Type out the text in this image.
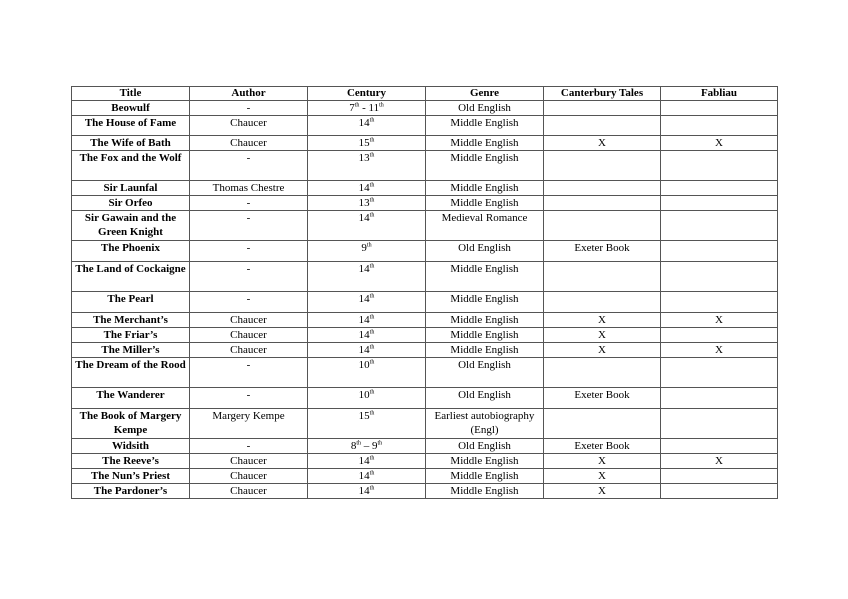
Title	Author	Century	Genre	Canterbury Tales	Fabliau
Beowulf	-	7th - 11th	Old English		
The House of Fame	Chaucer	14th	Middle English		
The Wife of Bath	Chaucer	15th	Middle English	X	X
The Fox and the Wolf	-	13th	Middle English		
Sir Launfal	Thomas Chestre	14th	Middle English		
Sir Orfeo	-	13th	Middle English		
Sir Gawain and the Green Knight	-	14th	Medieval Romance		
The Phoenix	-	9th	Old English	Exeter Book	
The Land of Cockaigne	-	14th	Middle English		
The Pearl	-	14th	Middle English		
The Merchant’s	Chaucer	14th	Middle English	X	X
The Friar’s	Chaucer	14th	Middle English	X	
The Miller’s	Chaucer	14th	Middle English	X	X
The Dream of the Rood	-	10th	Old English		
The Wanderer	-	10th	Old English	Exeter Book	
The Book of Margery Kempe	Margery Kempe	15th	Earliest autobiography (Engl)		
Widsith	-	8th – 9th	Old English	Exeter Book	
The Reeve’s	Chaucer	14th	Middle English	X	X
The Nun’s Priest	Chaucer	14th	Middle English	X	
The Pardoner’s	Chaucer	14th	Middle English	X	
